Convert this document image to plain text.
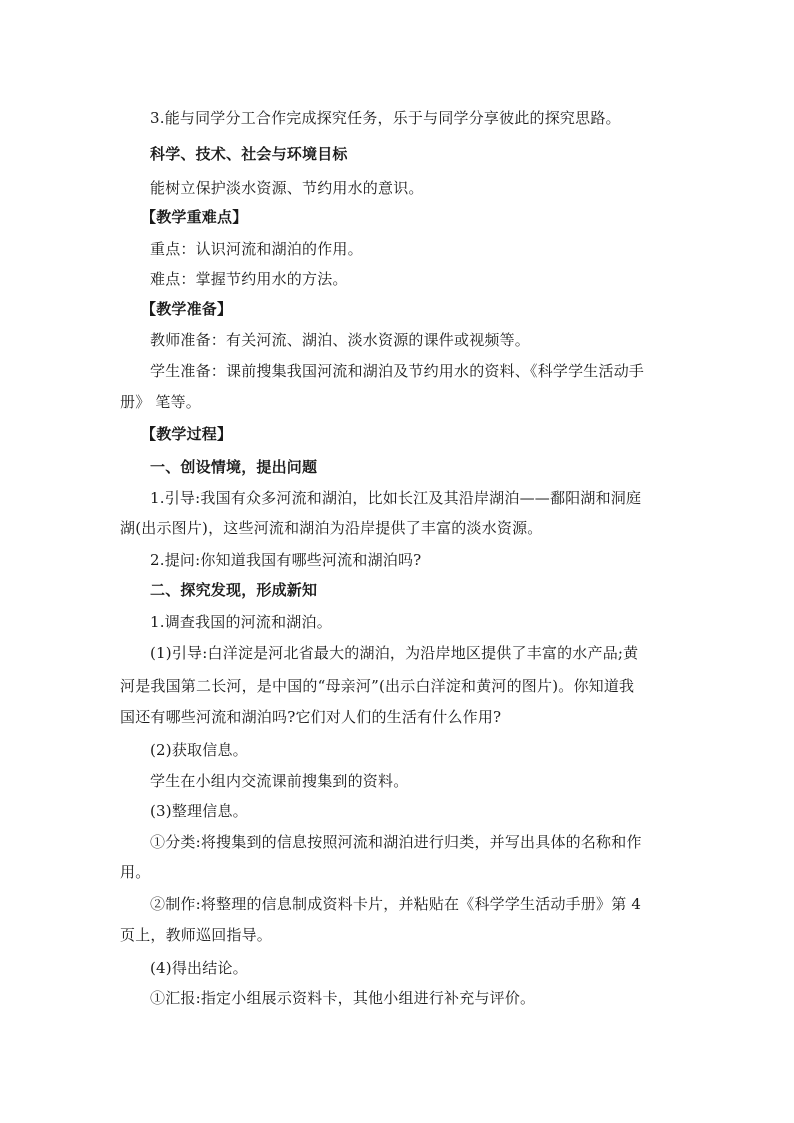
3.能与同学分工合作完成探究任务，乐于与同学分享彼此的探究思路。
科学、技术、社会与环境目标
能树立保护淡水资源、节约用水的意识。
【教学重难点】
重点：认识河流和湖泊的作用。
难点：掌握节约用水的方法。
【教学准备】
教师准备：有关河流、湖泊、淡水资源的课件或视频等。
学生准备：课前搜集我国河流和湖泊及节约用水的资料、《科学学生活动手
册》 笔等。
【教学过程】
一、创设情境，提出问题
1.引导:我国有众多河流和湖泊，比如长江及其沿岸湖泊——鄱阳湖和洞庭
湖(出示图片)，这些河流和湖泊为沿岸提供了丰富的淡水资源。
2.提问:你知道我国有哪些河流和湖泊吗?
二、探究发现，形成新知
1.调查我国的河流和湖泊。
(1)引导:白洋淀是河北省最大的湖泊，为沿岸地区提供了丰富的水产品;黄
河是我国第二长河，是中国的“母亲河”(出示白洋淀和黄河的图片)。你知道我
国还有哪些河流和湖泊吗?它们对人们的生活有什么作用?
(2)获取信息。
学生在小组内交流课前搜集到的资料。
(3)整理信息。
①分类:将搜集到的信息按照河流和湖泊进行归类，并写出具体的名称和作
用。
②制作:将整理的信息制成资料卡片，并粘贴在《科学学生活动手册》第 4
页上，教师巡回指导。
(4)得出结论。
①汇报:指定小组展示资料卡，其他小组进行补充与评价。
